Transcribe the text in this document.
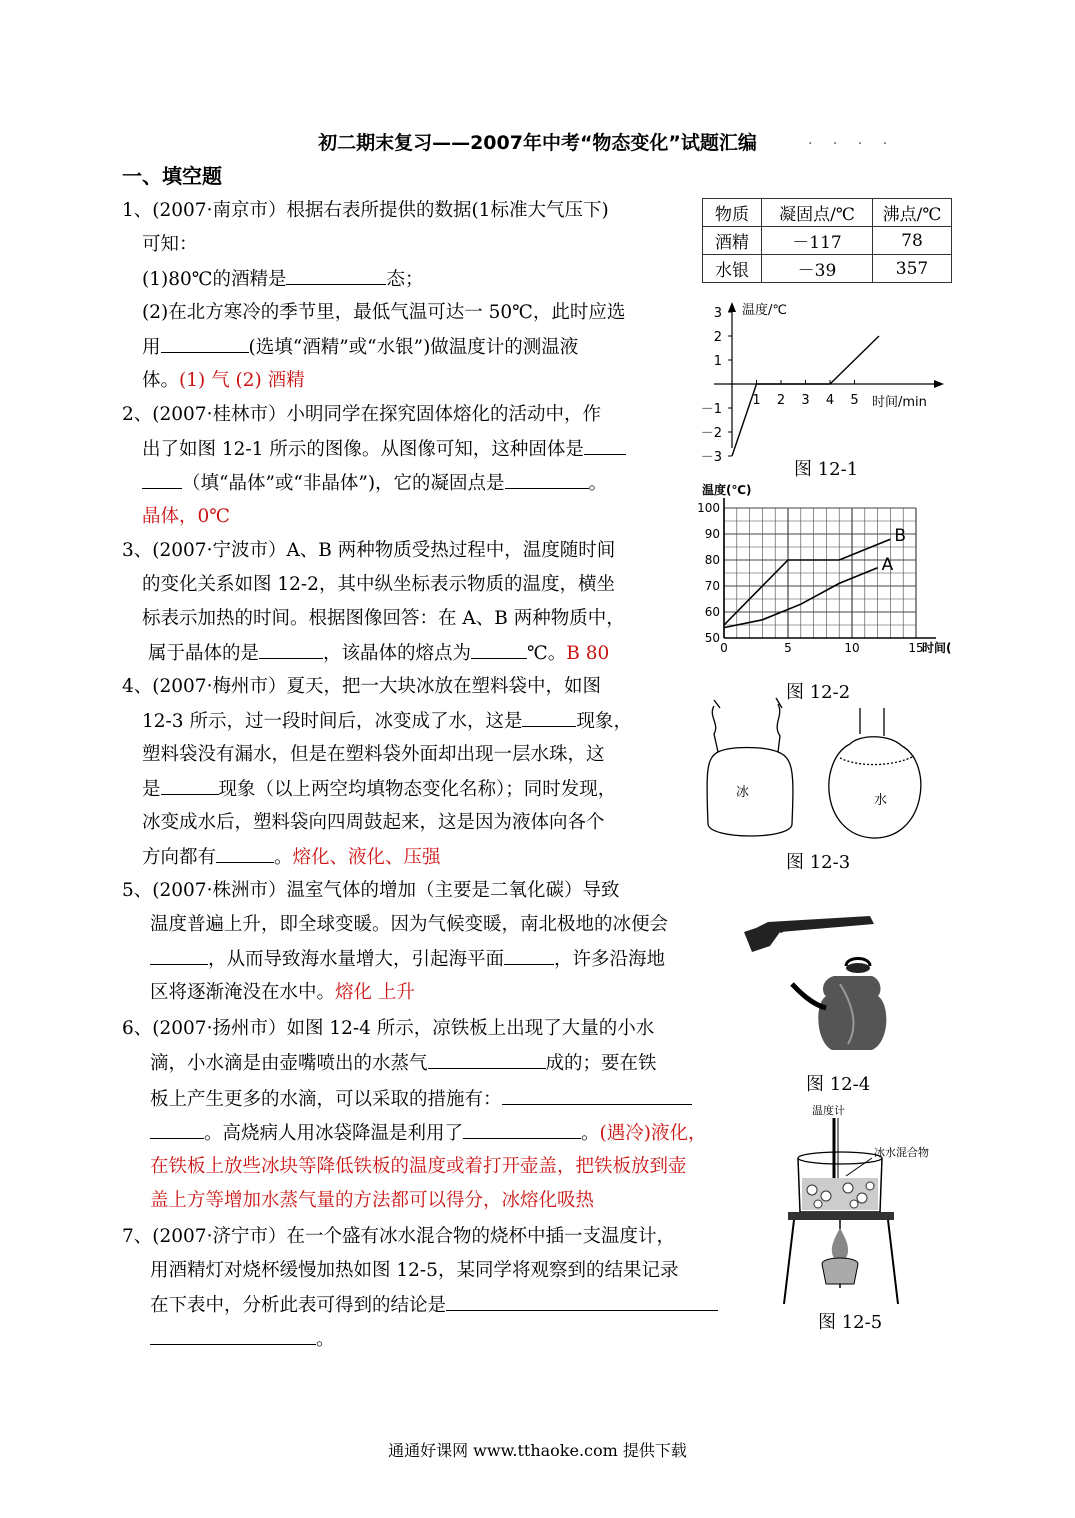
初二期末复习——2007年中考“物态变化”试题汇编	. . . .
一、填空题
1、(2007·南京市）根据右表所提供的数据(1标准大气压下)
可知：
(1)80℃的酒精是	态；
(2)在北方寒冷的季节里，最低气温可达一 50℃，此时应选
用	(选填“酒精”或“水银”)做温度计的测温液
体。(1) 气 (2) 酒精
2、(2007·桂林市）小明同学在探究固体熔化的活动中，作
出了如图 12-1 所示的图像。从图像可知，这种固体是
（填“晶体”或“非晶体”)，它的凝固点是	。
晶体，0℃
3、(2007·宁波市）A、B 两种物质受热过程中，温度随时间
的变化关系如图 12-2，其中纵坐标表示物质的温度，横坐
标表示加热的时间。根据图像回答：在 A、B 两种物质中，
属于晶体的是	，该晶体的熔点为	℃。B 80
4、(2007·梅州市）夏天，把一大块冰放在塑料袋中，如图
12-3 所示，过一段时间后，冰变成了水，这是	现象，
塑料袋没有漏水，但是在塑料袋外面却出现一层水珠，这
是	现象（以上两空均填物态变化名称）；同时发现，
冰变成水后，塑料袋向四周鼓起来，这是因为液体向各个
方向都有	。熔化、液化、压强
5、(2007·株洲市）温室气体的增加（主要是二氧化碳）导致
温度普遍上升，即全球变暖。因为气候变暖，南北极地的冰便会
，从而导致海水量增大，引起海平面	，许多沿海地
区将逐渐淹没在水中。熔化 上升
6、(2007·扬州市）如图 12-4 所示，凉铁板上出现了大量的小水
滴，小水滴是由壶嘴喷出的水蒸气	成的；要在铁
板上产生更多的水滴，可以采取的措施有：
。高烧病人用冰袋降温是利用了	。(遇冷)液化，
在铁板上放些冰块等降低铁板的温度或着打开壶盖，把铁板放到壶
盖上方等增加水蒸气量的方法都可以得分，冰熔化吸热
7、(2007·济宁市）在一个盛有冰水混合物的烧杯中插一支温度计，
用酒精灯对烧杯缓慢加热如图 12-5，某同学将观察到的结果记录
在下表中，分析此表可得到的结论是
。
物质	凝固点/℃	沸点/℃
酒精	－117	78
水银	－39	357
温度/℃
时间/min
3
2
1
－1
－2
－3
1 2 3 4 5
图 12-1
温度(℃)
时间(
100
90
80
70
60
50
0	5	10	15
B
A
图 12-2
冰
水
图 12-3
图 12-4
温度计
冰水混合物
图 12-5
通通好课网 www.tthaoke.com 提供下载
